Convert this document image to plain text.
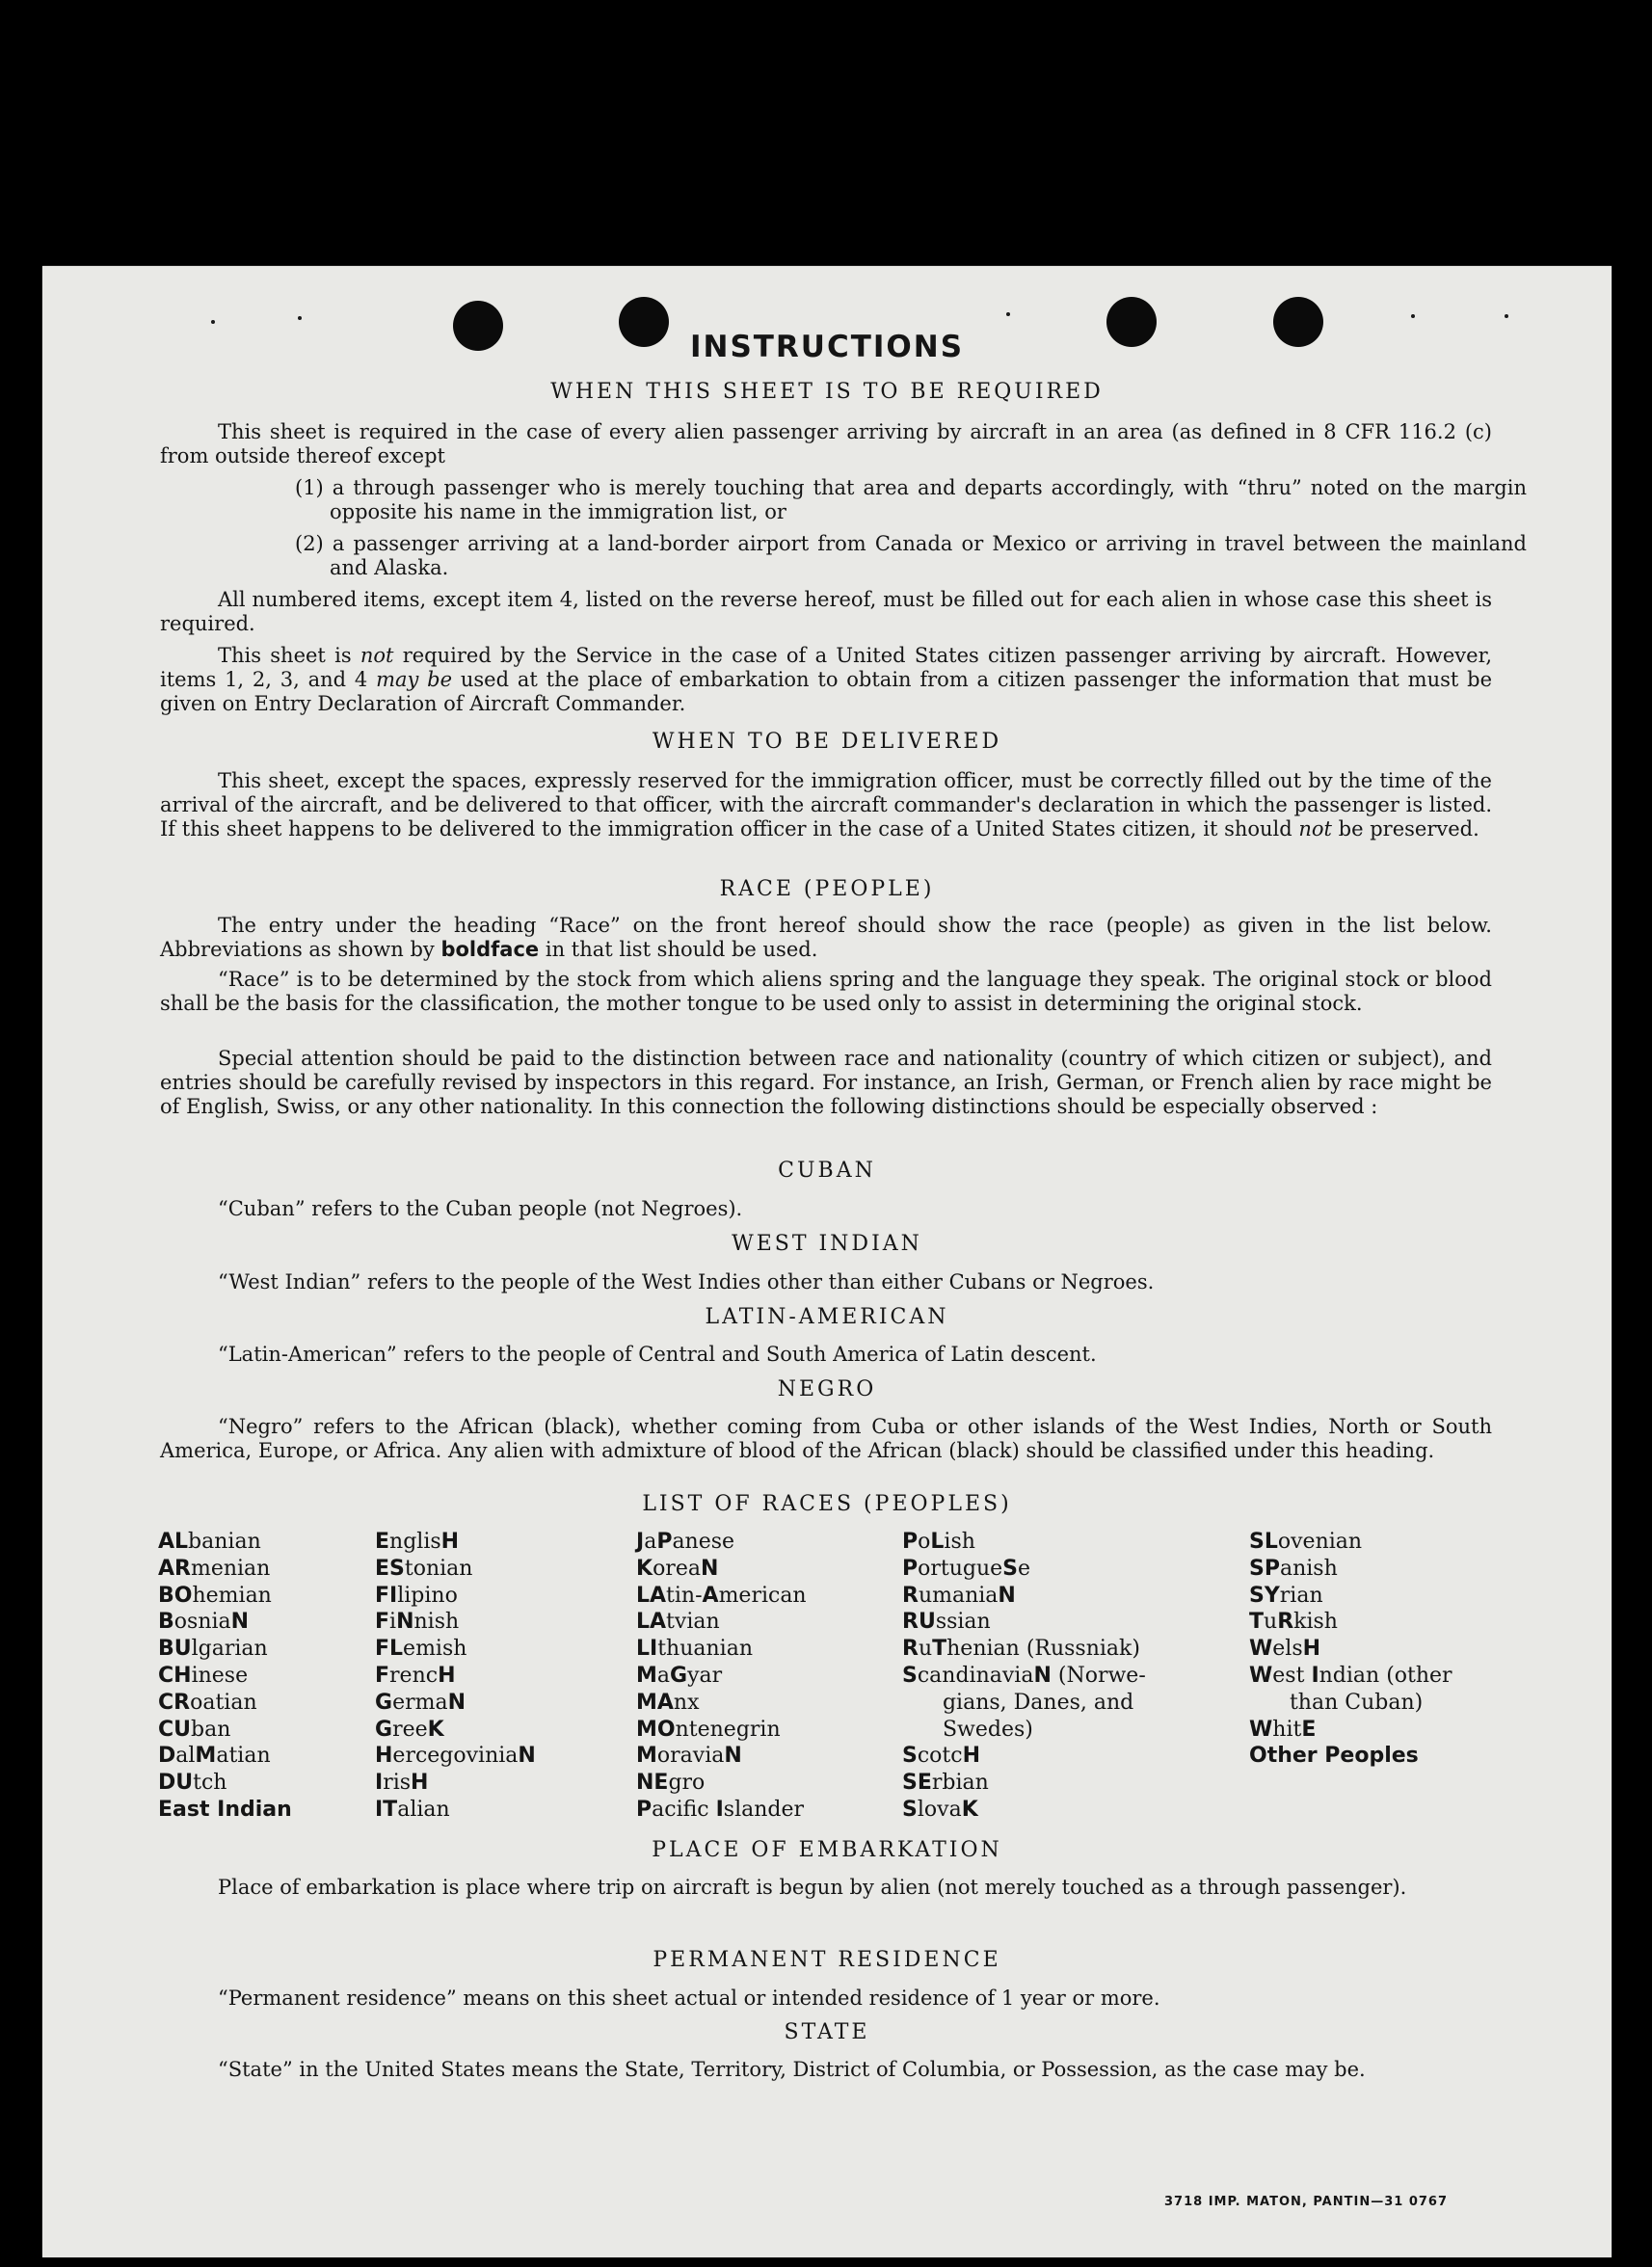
INSTRUCTIONS
WHEN THIS SHEET IS TO BE REQUIRED
This sheet is required in the case of every alien passenger arriving by aircraft in an area (as defined in 8 CFR 116.2 (c) from outside thereof except
(1) a through passenger who is merely touching that area and departs accordingly, with “thru” noted on the margin opposite his name in the immigration list, or
(2) a passenger arriving at a land-border airport from Canada or Mexico or arriving in travel between the mainland and Alaska.
All numbered items, except item 4, listed on the reverse hereof, must be filled out for each alien in whose case this sheet is required.
This sheet is not required by the Service in the case of a United States citizen passenger arriving by aircraft. However, items 1, 2, 3, and 4 may be used at the place of embarkation to obtain from a citizen passenger the information that must be given on Entry Declaration of Aircraft Commander.
WHEN TO BE DELIVERED
This sheet, except the spaces, expressly reserved for the immigration officer, must be correctly filled out by the time of the arrival of the aircraft, and be delivered to that officer, with the aircraft commander's declaration in which the passenger is listed. If this sheet happens to be delivered to the immigration officer in the case of a United States citizen, it should not be preserved.
RACE (PEOPLE)
The entry under the heading “Race” on the front hereof should show the race (people) as given in the list below. Abbreviations as shown by boldface in that list should be used.
“Race” is to be determined by the stock from which aliens spring and the language they speak. The original stock or blood shall be the basis for the classification, the mother tongue to be used only to assist in determining the original stock.
Special attention should be paid to the distinction between race and nationality (country of which citizen or subject), and entries should be carefully revised by inspectors in this regard. For instance, an Irish, German, or French alien by race might be of English, Swiss, or any other nationality. In this connection the following distinctions should be especially observed :
CUBAN
“Cuban” refers to the Cuban people (not Negroes).
WEST INDIAN
“West Indian” refers to the people of the West Indies other than either Cubans or Negroes.
LATIN-AMERICAN
“Latin-American” refers to the people of Central and South America of Latin descent.
NEGRO
“Negro” refers to the African (black), whether coming from Cuba or other islands of the West Indies, North or South America, Europe, or Africa. Any alien with admixture of blood of the African (black) should be classified under this heading.
LIST OF RACES (PEOPLES)
ALbanian
ARmenian
BOhemian
BosniaN
BUlgarian
CHinese
CRoatian
CUban
DalMatian
DUtch
East Indian
EnglisH
EStonian
FIlipino
FiNnish
FLemish
FrencH
GermaN
GreeK
HercegoviniaN
IrisH
ITalian
JaPanese
KoreaN
LAtin-American
LAtvian
LIthuanian
MaGyar
MAnx
MOntenegrin
MoraviaN
NEgro
Pacific Islander
PoLish
PortugueSe
RumaniaN
RUssian
RuThenian (Russniak)
ScandinaviaN (Norwe-
gians, Danes, and
Swedes)
ScotcH
SErbian
SlovaK
SLovenian
SPanish
SYrian
TuRkish
WelsH
West Indian (other
than Cuban)
WhitE
Other Peoples
PLACE OF EMBARKATION
Place of embarkation is place where trip on aircraft is begun by alien (not merely touched as a through passenger).
PERMANENT RESIDENCE
“Permanent residence” means on this sheet actual or intended residence of 1 year or more.
STATE
“State” in the United States means the State, Territory, District of Columbia, or Possession, as the case may be.
3718 IMP. MATON, PANTIN—31 0767
